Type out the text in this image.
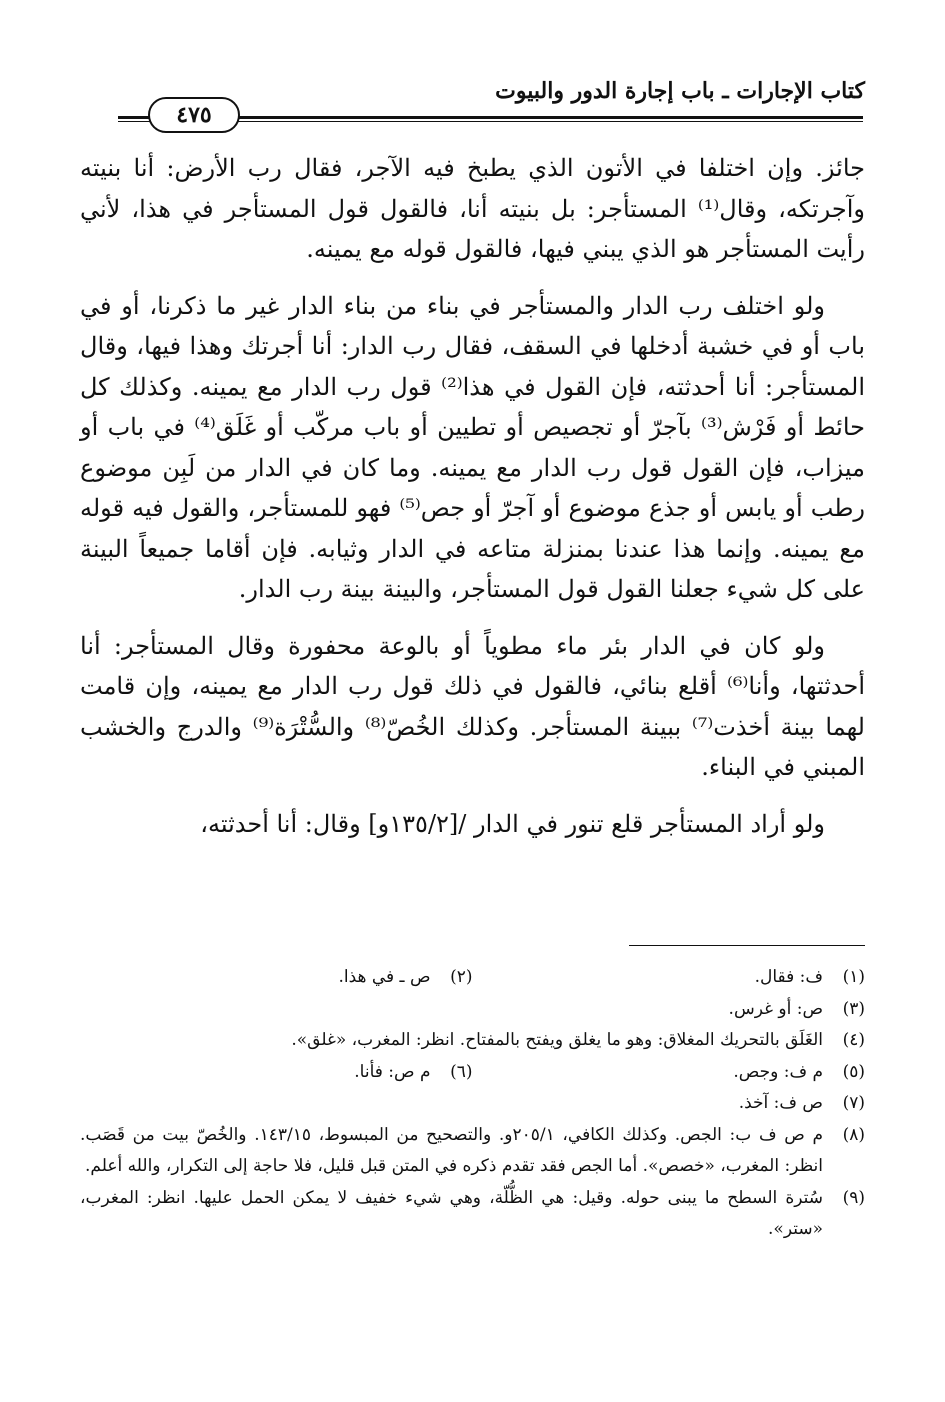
كتاب الإجارات ـ باب إجارة الدور والبيوت
٤٧٥

جائز. وإن اختلفا في الأتون الذي يطبخ فيه الآجر، فقال رب الأرض: أنا بنيته وآجرتكه، وقال⁽¹⁾ المستأجر: بل بنيته أنا، فالقول قول المستأجر في هذا، لأني رأيت المستأجر هو الذي يبني فيها، فالقول قوله مع يمينه.

ولو اختلف رب الدار والمستأجر في بناء من بناء الدار غير ما ذكرنا، أو في باب أو في خشبة أدخلها في السقف، فقال رب الدار: أنا أجرتك وهذا فيها، وقال المستأجر: أنا أحدثته، فإن القول في هذا⁽²⁾ قول رب الدار مع يمينه. وكذلك كل حائط أو فَرْش⁽³⁾ بآجرّ أو تجصيص أو تطيين أو باب مركّب أو غَلَق⁽⁴⁾ في باب أو ميزاب، فإن القول قول رب الدار مع يمينه. وما كان في الدار من لَبِن موضوع رطب أو يابس أو جذع موضوع أو آجرّ أو جص⁽⁵⁾ فهو للمستأجر، والقول فيه قوله مع يمينه. وإنما هذا عندنا بمنزلة متاعه في الدار وثيابه. فإن أقاما جميعاً البينة على كل شيء جعلنا القول قول المستأجر، والبينة بينة رب الدار.

ولو كان في الدار بئر ماء مطوياً أو بالوعة محفورة وقال المستأجر: أنا أحدثتها، وأنا⁽⁶⁾ أقلع بنائي، فالقول في ذلك قول رب الدار مع يمينه، وإن قامت لهما بينة أخذت⁽⁷⁾ ببينة المستأجر. وكذلك الخُصّ⁽⁸⁾ والسُّتْرَة⁽⁹⁾ والدرج والخشب المبني في البناء.

ولو أراد المستأجر قلع تنور في الدار /[١٣٥/٢و] وقال: أنا أحدثته،

(١)
ف: فقال.
(٢)
ص ـ في هذا.
(٣)
ص: أو غرس.
(٤)
الغَلَق بالتحريك المغلاق: وهو ما يغلق ويفتح بالمفتاح. انظر: المغرب، «غلق».
(٥)
م ف: وجص.
(٦)
م ص: فأنا.
(٧)
ص ف: آخذ.
(٨)
م ص ف ب: الجص. وكذلك الكافي، ٢٠٥/١و. والتصحيح من المبسوط، ١٤٣/١٥. والخُصّ بيت من قَصَب. انظر: المغرب، «خصص». أما الجص فقد تقدم ذكره في المتن قبل قليل، فلا حاجة إلى التكرار، والله أعلم.
(٩)
سُترة السطح ما يبنى حوله. وقيل: هي الظُّلّة، وهي شيء خفيف لا يمكن الحمل عليها. انظر: المغرب، «ستر».
